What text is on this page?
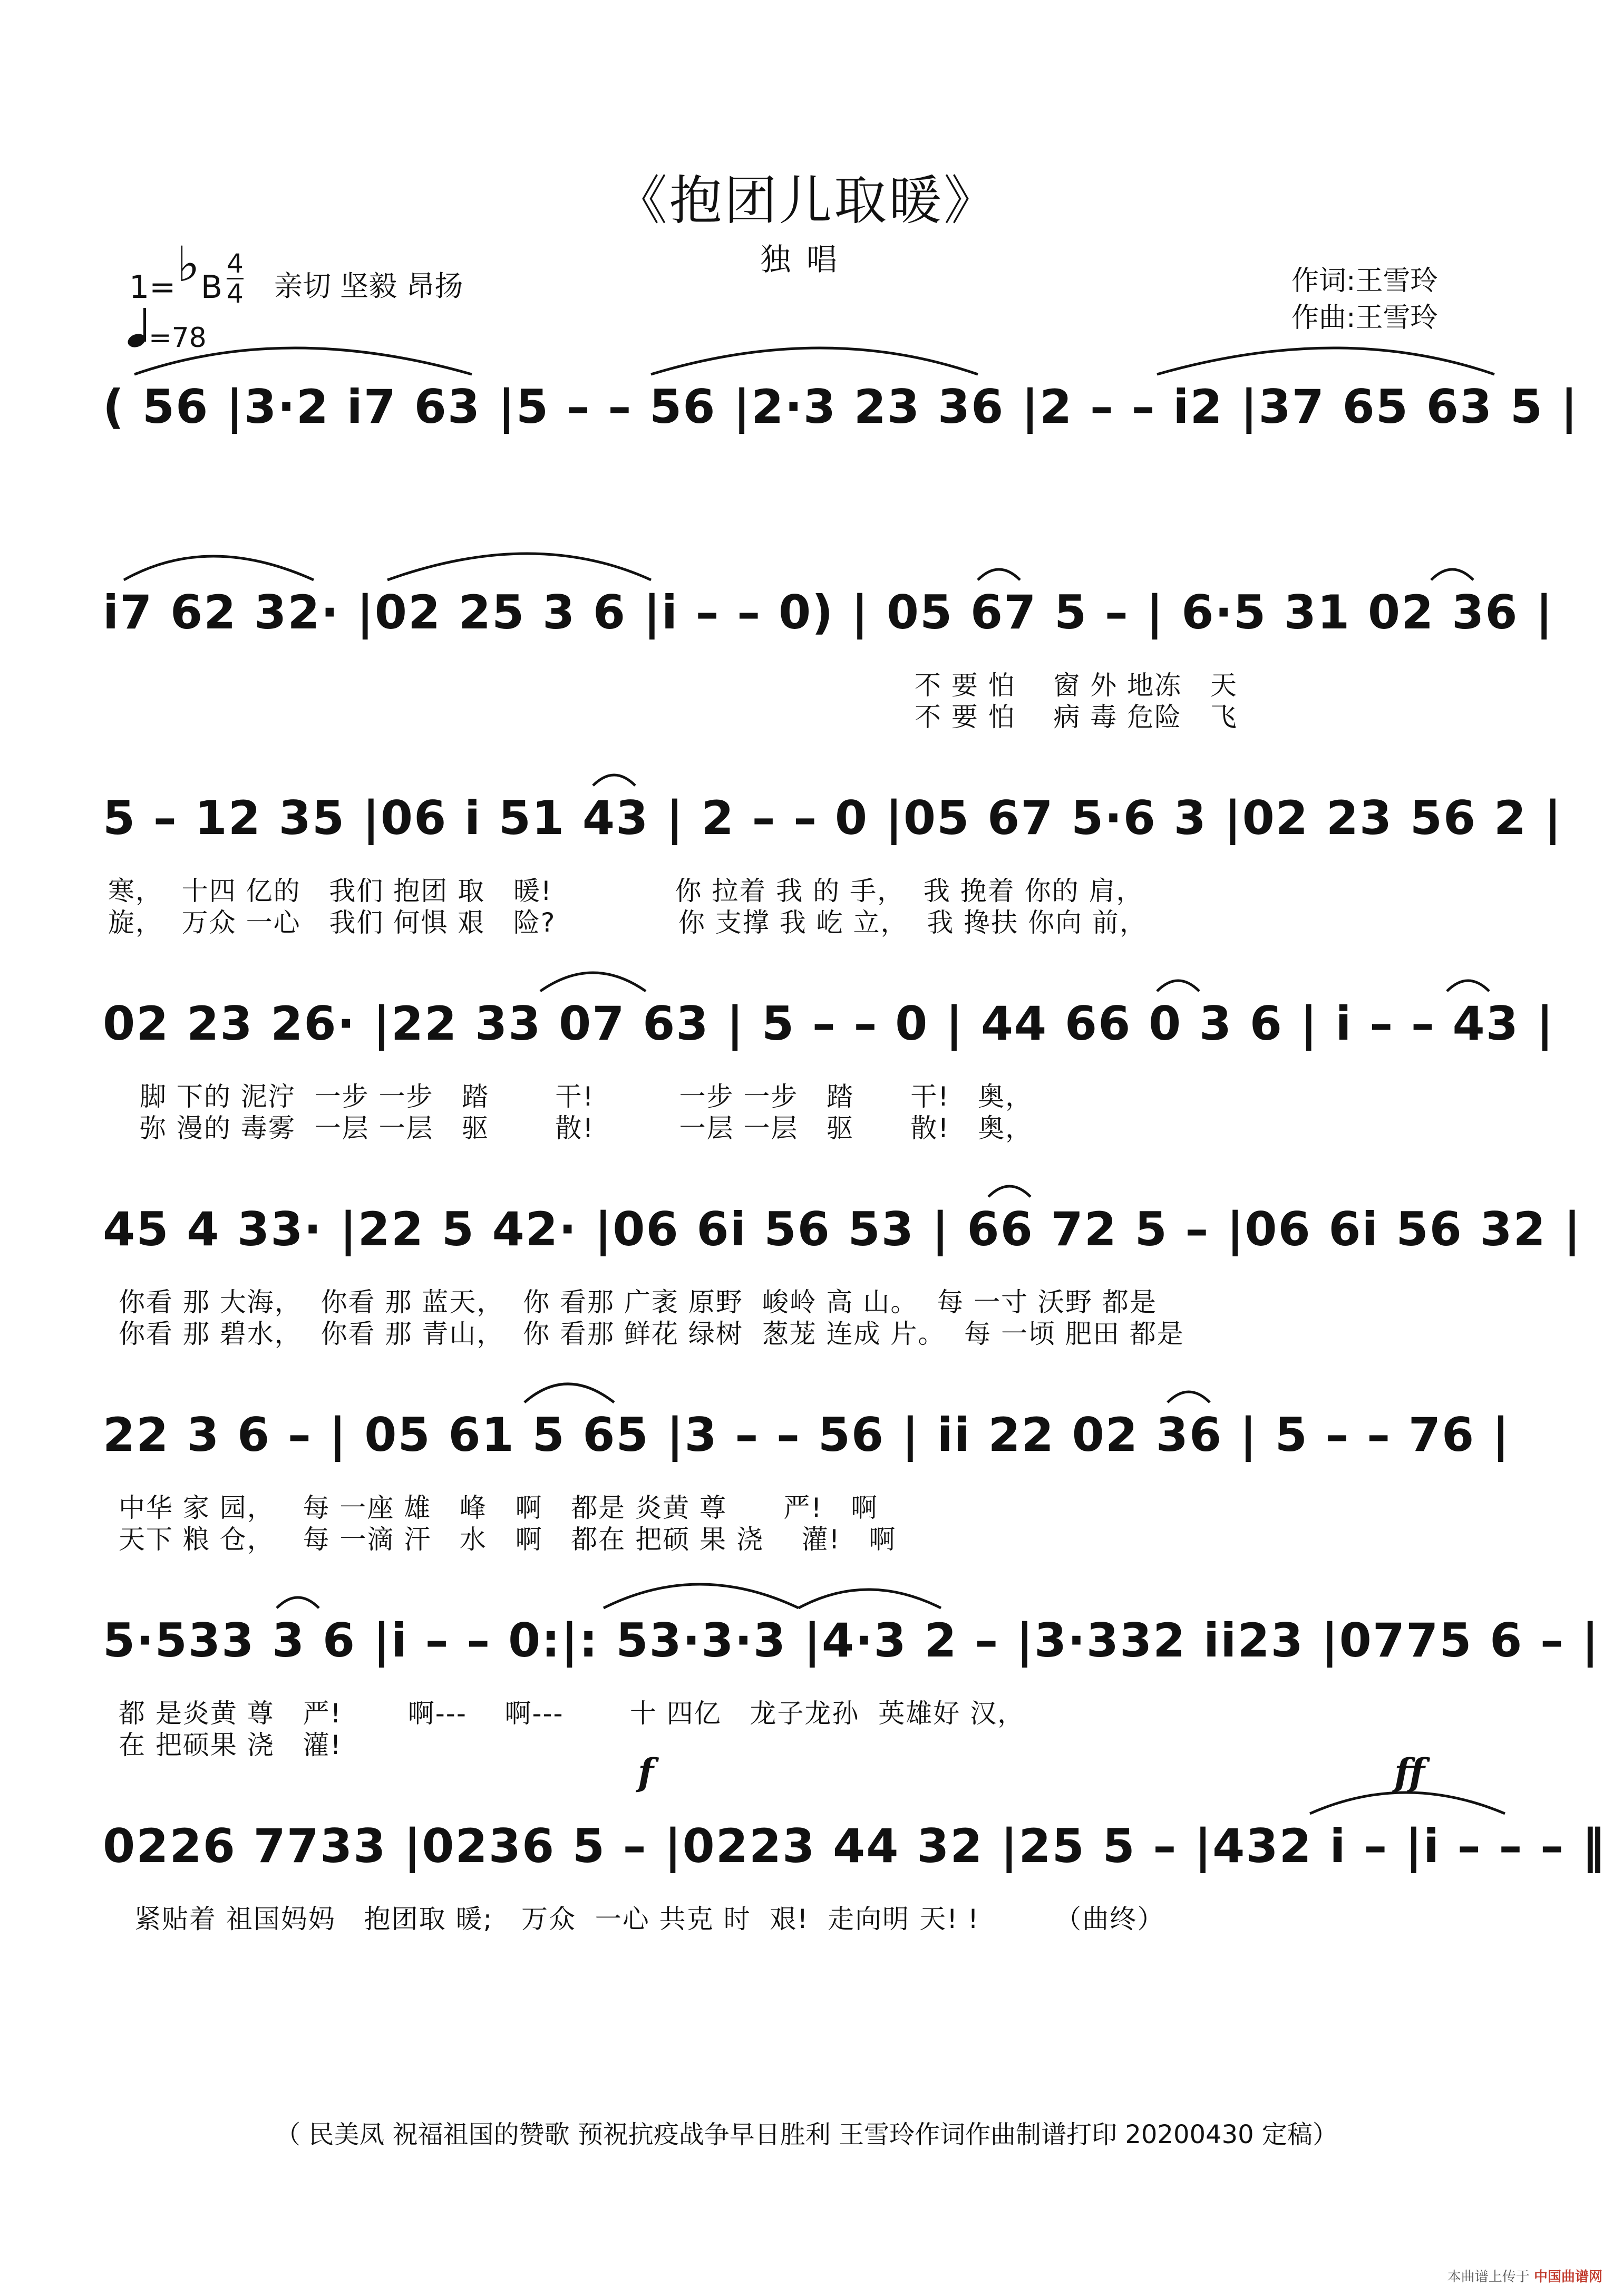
《抱团儿取暖》
独唱
1=♭B $\frac{4}{4}$ 亲切 坚毅 昂扬
=78
作词:王雪玲
作曲:王雪玲
( 56 |3·2 i7 63 |5 – – 56 |2·3 23 36 |2 – – i2 |37 65 63 5 |
i7 62 32· |02 25 3 6 |i – – 0) | 05 67 5 – | 6·5 31 02 36 |
不 要 怕    窗 外 地冻   天
不 要 怕    病 毒 危险   飞
5 – 12 35 |06 i 51 43 | 2 – – 0 |05 67 5·6 3 |02 23 56 2 |
寒，  十四 亿的   我们 抱团 取   暖!             你 拉着 我 的 手，  我 挽着 你的 肩，
旋，  万众 一心   我们 何惧 艰   险?             你 支撑 我 屹 立，  我 搀扶 你向 前，
02 23 26· |22 33 07 63 | 5 – – 0 | 44 66 0 3 6 | i – – 43 |
脚 下的 泥泞  一步 一步   踏       干!         一步 一步   踏      干!   奥，
弥 漫的 毒雾  一层 一层   驱       散!         一层 一层   驱      散!   奥，
45 4 33· |22 5 42· |06 6i 56 53 | 66 72 5 – |06 6i 56 32 |
你看 那 大海，  你看 那 蓝天，  你 看那 广袤 原野  峻岭 高 山。  每 一寸 沃野 都是
你看 那 碧水，  你看 那 青山，  你 看那 鲜花 绿树  葱茏 连成 片。  每 一顷 肥田 都是
22 3 6 – | 05 61 5 65 |3 – – 56 | ii 22 02 36 | 5 – – 76 |
中华 家 园，   每 一座 雄   峰   啊   都是 炎黄 尊      严!   啊
天下 粮 仓，   每 一滴 汗   水   啊   都在 把硕 果 浇    灌!   啊
5·533 3 6 |i – – 0:|: 53·3·3 |4·3 2 – |3·332 ii23 |0775 6 – |
都 是炎黄 尊   严!       啊---    啊---       十 四亿   龙子龙孙  英雄好 汉，
在 把硕果 浇   灌!
f	ff
0226 7733 |0236 5 – |0223 44 32 |25 5 – |432 i – |i – – – ‖
紧贴着 祖国妈妈   抱团取 暖;   万众  一心 共克 时  艰!  走向明 天! !        （曲终）
（ 民美凤 祝福祖国的赞歌 预祝抗疫战争早日胜利 王雪玲作词作曲制谱打印 20200430 定稿）
本曲谱上传于 中国曲谱网
